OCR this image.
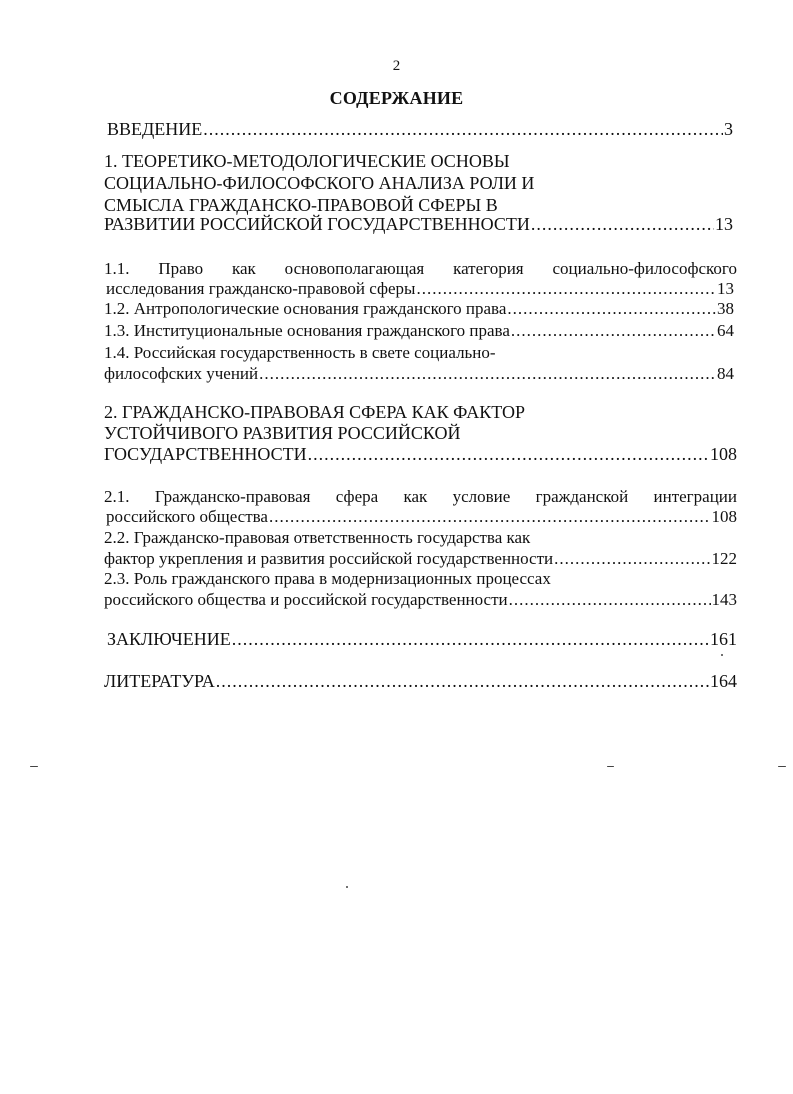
2
СОДЕРЖАНИЕ
ВВЕДЕНИЕ .....	3
1. ТЕОРЕТИКО-МЕТОДОЛОГИЧЕСКИЕ ОСНОВЫ
СОЦИАЛЬНО-ФИЛОСОФСКОГО АНАЛИЗА РОЛИ И
СМЫСЛА ГРАЖДАНСКО-ПРАВОВОЙ СФЕРЫ В
РАЗВИТИИ РОССИЙСКОЙ ГОСУДАРСТВЕННОСТИ .....	13
1.1. Право как основополагающая категория социально-философского
исследования гражданско-правовой сферы .....	13
1.2. Антропологические основания гражданского права .....	38
1.3. Институциональные основания гражданского права .....	64
1.4. Российская государственность в свете социально-
философских учений .....	84
2. ГРАЖДАНСКО-ПРАВОВАЯ СФЕРА КАК ФАКТОР
УСТОЙЧИВОГО РАЗВИТИЯ РОССИЙСКОЙ
ГОСУДАРСТВЕННОСТИ .....	108
2.1. Гражданско-правовая сфера как условие гражданской интеграции
российского общества .....	108
2.2. Гражданско-правовая ответственность государства как
фактор укрепления и развития российской государственности .....	122
2.3. Роль гражданского права в модернизационных процессах
российского общества и российской государственности .....	143
ЗАКЛЮЧЕНИЕ .....	161
ЛИТЕРАТУРА .....	164
